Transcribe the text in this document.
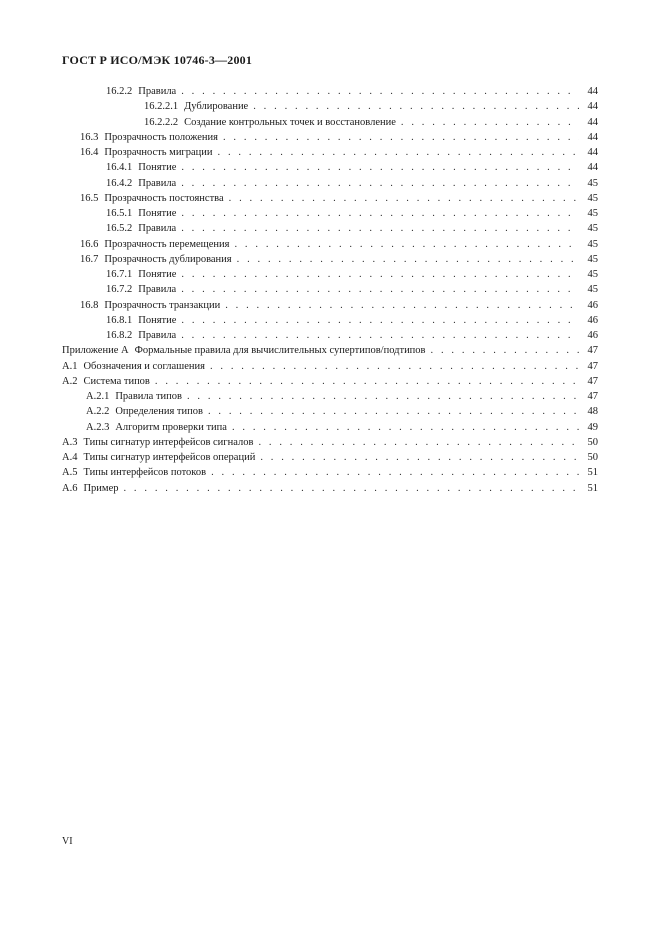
ГОСТ Р ИСО/МЭК 10746-3—2001
16.2.2 Правила . . .	44
16.2.2.1 Дублирование . . .	44
16.2.2.2 Создание контрольных точек и восстановление . . .	44
16.3 Прозрачность положения . . .	44
16.4 Прозрачность миграции . . .	44
16.4.1 Понятие . . .	44
16.4.2 Правила . . .	45
16.5 Прозрачность постоянства . . .	45
16.5.1 Понятие . . .	45
16.5.2 Правила . . .	45
16.6 Прозрачность перемещения . . .	45
16.7 Прозрачность дублирования . . .	45
16.7.1 Понятие . . .	45
16.7.2 Правила . . .	45
16.8 Прозрачность транзакции . . .	46
16.8.1 Понятие . . .	46
16.8.2 Правила . . .	46
Приложение А Формальные правила для вычислительных супертипов/подтипов . . .	47
А.1 Обозначения и соглашения . . .	47
А.2 Система типов . . .	47
А.2.1 Правила типов . . .	47
А.2.2 Определения типов . . .	48
А.2.3 Алгоритм проверки типа . . .	49
А.3 Типы сигнатур интерфейсов сигналов . . .	50
А.4 Типы сигнатур интерфейсов операций . . .	50
А.5 Типы интерфейсов потоков . . .	51
А.6 Пример . . .	51
VI
